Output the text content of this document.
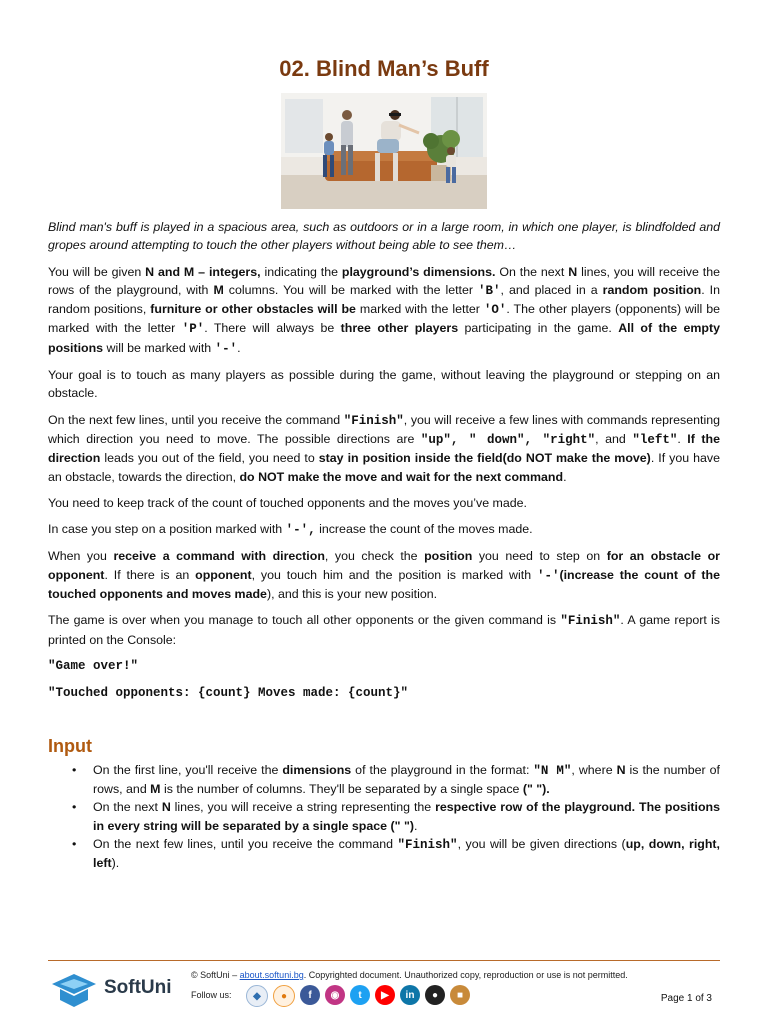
02. Blind Man’s Buff

Blind man's buff is played in a spacious area, such as outdoors or in a large room, in which one player, is blindfolded and gropes around attempting to touch the other players without being able to see them…

You will be given N and M – integers, indicating the playground’s dimensions. On the next N lines, you will receive the rows of the playground, with M columns. You will be marked with the letter 'B', and placed in a random position. In random positions, furniture or other obstacles will be marked with the letter 'O'. The other players (opponents) will be marked with the letter 'P'. There will always be three other players participating in the game. All of the empty positions will be marked with '-'.

Your goal is to touch as many players as possible during the game, without leaving the playground or stepping on an obstacle.

On the next few lines, until you receive the command "Finish", you will receive a few lines with commands representing which direction you need to move. The possible directions are "up", " down", "right", and "left". If the direction leads you out of the field, you need to stay in position inside the field(do NOT make the move). If you have an obstacle, towards the direction, do NOT make the move and wait for the next command.

You need to keep track of the count of touched opponents and the moves you’ve made.

In case you step on a position marked with '-', increase the count of the moves made.

When you receive a command with direction, you check the position you need to step on for an obstacle or opponent. If there is an opponent, you touch him and the position is marked with '-'(increase the count of the touched opponents and moves made), and this is your new position.

The game is over when you manage to touch all other opponents or the given command is "Finish". A game report is printed on the Console:

"Game over!"
"Touched opponents: {count} Moves made: {count}"
Input
• On the first line, you'll receive the dimensions of the playground in the format: "N M", where N is the number of rows, and M is the number of columns. They'll be separated by a single space (" ").
• On the next N lines, you will receive a string representing the respective row of the playground. The positions in every string will be separated by a single space (" ").
• On the next few lines, until you receive the command "Finish", you will be given directions (up, down, right, left).
SoftUni
© SoftUni – about.softuni.bg. Copyrighted document. Unauthorized copy, reproduction or use is not permitted.
Follow us:	◆	●	f	◉	t	▶	in	●	■	Page 1 of 3
